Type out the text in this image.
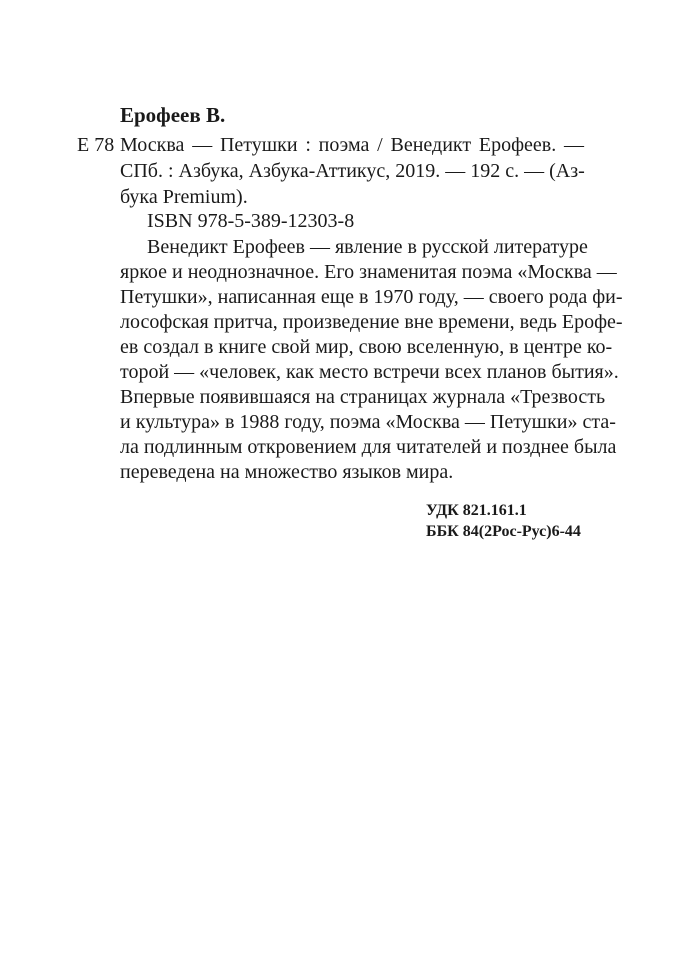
Ерофеев В.
Е 78 Москва — Петушки : поэма / Венедикт Ерофеев. —
СПб. : Азбука, Азбука-Аттикус, 2019. — 192 с. — (Аз-
бука Premium).
ISBN 978-5-389-12303-8
Венедикт Ерофеев — явление в русской литературе
яркое и неоднозначное. Его знаменитая поэма «Москва —
Петушки», написанная еще в 1970 году, — своего рода фи-
лософская притча, произведение вне времени, ведь Ерофе-
ев создал в книге свой мир, свою вселенную, в центре ко-
торой — «человек, как место встречи всех планов бытия».
Впервые появившаяся на страницах журнала «Трезвость
и культура» в 1988 году, поэма «Москва — Петушки» ста-
ла подлинным откровением для читателей и позднее была
переведена на множество языков мира.
УДК 821.161.1
ББК 84(2Рос-Рус)6-44
